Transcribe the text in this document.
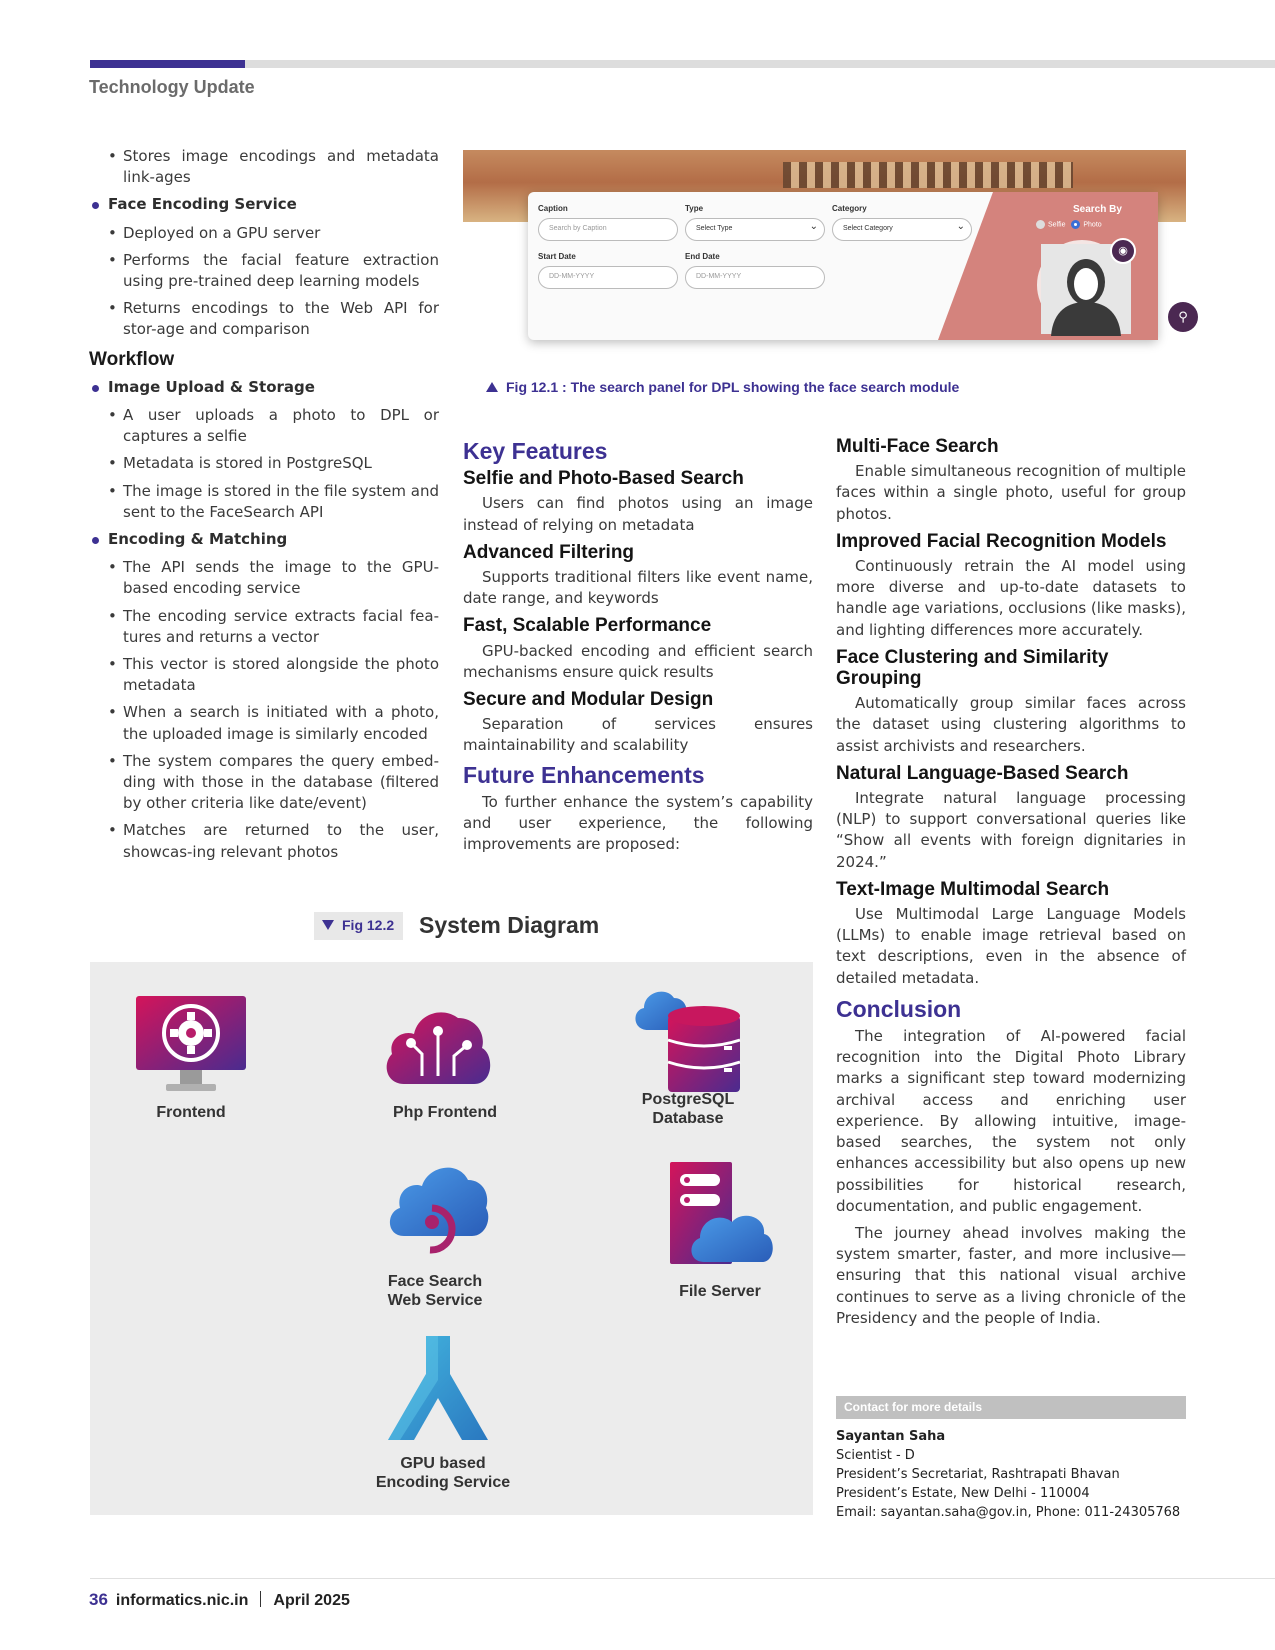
Technology Update
• Stores image encodings and metadata link-ages
Face Encoding Service
• Deployed on a GPU server
• Performs the facial feature extraction using pre-trained deep learning models
• Returns encodings to the Web API for stor-age and comparison
Workflow
Image Upload & Storage
• A user uploads a photo to DPL or captures a selfie
• Metadata is stored in PostgreSQL
• The image is stored in the file system and sent to the FaceSearch API
Encoding & Matching
• The API sends the image to the GPU-based encoding service
• The encoding service extracts facial fea-tures and returns a vector
• This vector is stored alongside the photo metadata
• When a search is initiated with a photo, the uploaded image is similarly encoded
• The system compares the query embed-ding with those in the database (filtered by other criteria like date/event)
• Matches are returned to the user, showcas-ing relevant photos
Caption
Search by Caption
Type
Select Type ⌄
Category
Select Category ⌄
Start Date
DD-MM-YYYY
End Date
DD-MM-YYYY
Search By
Selfie	Photo
◉
⚲
Fig 12.1 : The search panel for DPL showing the face search module
Key Features
Selfie and Photo-Based Search
Users can find photos using an image instead of relying on metadata
Advanced Filtering
Supports traditional filters like event name, date range, and keywords
Fast, Scalable Performance
GPU-backed encoding and efficient search mechanisms ensure quick results
Secure and Modular Design
Separation of services ensures maintainability and scalability
Future Enhancements
To further enhance the system’s capability and user experience, the following improvements are proposed:
Multi-Face Search
Enable simultaneous recognition of multiple faces within a single photo, useful for group photos.
Improved Facial Recognition Models
Continuously retrain the AI model using more diverse and up-to-date datasets to handle age variations, occlusions (like masks), and lighting differences more accurately.
Face Clustering and Similarity Grouping
Automatically group similar faces across the dataset using clustering algorithms to assist archivists and researchers.
Natural Language-Based Search
Integrate natural language processing (NLP) to support conversational queries like “Show all events with foreign dignitaries in 2024.”
Text-Image Multimodal Search
Use Multimodal Large Language Models (LLMs) to enable image retrieval based on text descriptions, even in the absence of detailed metadata.
Conclusion
The integration of AI-powered facial recognition into the Digital Photo Library marks a significant step toward modernizing archival access and enriching user experience. By allowing intuitive, image-based searches, the system not only enhances accessibility but also opens up new possibilities for historical research, documentation, and public engagement.
The journey ahead involves making the system smarter, faster, and more inclusive—ensuring that this national visual archive continues to serve as a living chronicle of the Presidency and the people of India.
Fig 12.2	System Diagram
Frontend	Php Frontend
PostgreSQL
Database
Face Search
Web Service
File Server
GPU based
Encoding Service
Contact for more details
Sayantan Saha
Scientist - D
President’s Secretariat, Rashtrapati Bhavan
President’s Estate, New Delhi - 110004
Email: sayantan.saha@gov.in, Phone: 011-24305768
36 informatics.nic.in April 2025
